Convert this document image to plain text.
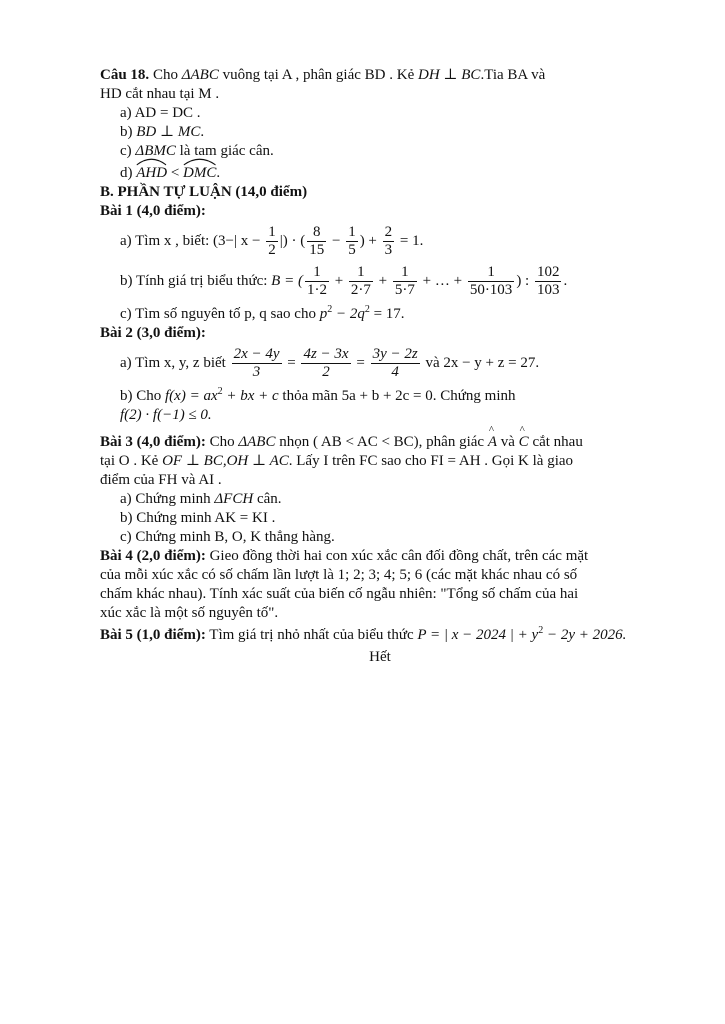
Câu 18. Cho ΔABC vuông tại A , phân giác BD . Kẻ DH ⊥ BC.Tia BA và
HD cắt nhau tại M .
a) AD = DC .
b) BD ⊥ MC.
c) ΔBMC là tam giác cân.
d)
AHD <
DMC.
B. PHẦN TỰ LUẬN (14,0 điểm)
Bài 1 (4,0 điểm):
a) Tìm x , biết: (3−| $x - \frac{1}{2}$ |) · ( $\frac{8}{15} - \frac{1}{5}$ ) + $\frac{2}{3} = 1$.
b) Tính giá trị biểu thức: B = ( $\frac{1}{1\cdot 2} + \frac{1}{2\cdot 7} + \frac{1}{5\cdot 7}$ + … + $\frac{1}{50\cdot 103}$ ) : $\frac{102}{103}$ .
c) Tìm số nguyên tố p, q sao cho $p^2 - 2q^2 = 17$.
Bài 2 (3,0 điểm):
a) Tìm x, y, z biết $\frac{2x - 4y}{3} = \frac{4z - 3x}{2} = \frac{3y - 2z}{4}$ và 2x − y + z = 27.
b) Cho $f(x) = ax^2$ + bx + c thỏa mãn 5a + b + 2c = 0. Chứng minh
f(2) · f(−1) ≤ 0.
Bài 3 (4,0 điểm): Cho ΔABC nhọn ( AB < AC < BC), phân giác ^ A và ^ C cắt nhau
tại O . Kẻ OF ⊥ BC,OH ⊥ AC. Lấy I trên FC sao cho FI = AH . Gọi K là giao
điểm của FH và AI .
a) Chứng minh ΔFCH cân.
b) Chứng minh AK = KI .
c) Chứng minh B, O, K thẳng hàng.
Bài 4 (2,0 điểm): Gieo đồng thời hai con xúc xắc cân đối đồng chất, trên các mặt
của mỗi xúc xắc có số chấm lần lượt là 1; 2; 3; 4; 5; 6 (các mặt khác nhau có số
chấm khác nhau). Tính xác suất của biến cố ngẫu nhiên: "Tổng số chấm của hai
xúc xắc là một số nguyên tố".
Bài 5 (1,0 điểm): Tìm giá trị nhỏ nhất của biểu thức P = | x − 2024 | + $y^2 - 2y + 2026$.
Hết
